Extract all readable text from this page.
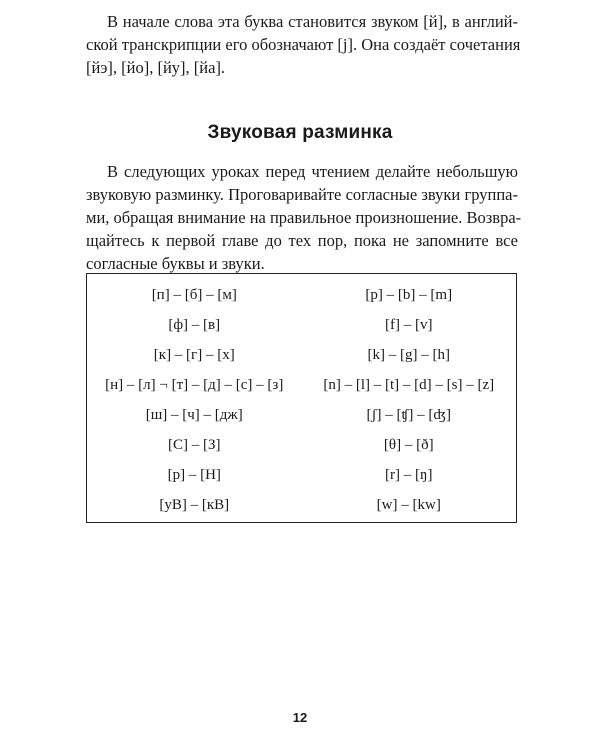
В начале слова эта буква становится звуком [й], в англий-
ской транскрипции его обозначают [j]. Она создаёт сочетания
[йэ], [йо], [йу], [йа].
Звуковая разминка
В следующих уроках перед чтением делайте небольшую
звуковую разминку. Проговаривайте согласные звуки группа-
ми, обращая внимание на правильное произношение. Возвра-
щайтесь к первой главе до тех пор, пока не запомните все
согласные буквы и звуки.
[п] – [б] – [м]	[p] – [b] – [m]
[ф] – [в]	[f] – [v]
[к] – [г] – [х]	[k] – [g] – [h]
[н] – [л] ¬ [т] – [д] – [с] – [з]	[n] – [l] – [t] – [d] – [s] – [z]
[ш] – [ч] – [дж]	[ʃ] – [ʧ] – [ʤ]
[С] – [З]	[θ] – [ð]
[р] – [Н]	[r] – [ŋ]
[уВ] – [кВ]	[w] – [kw]
12
